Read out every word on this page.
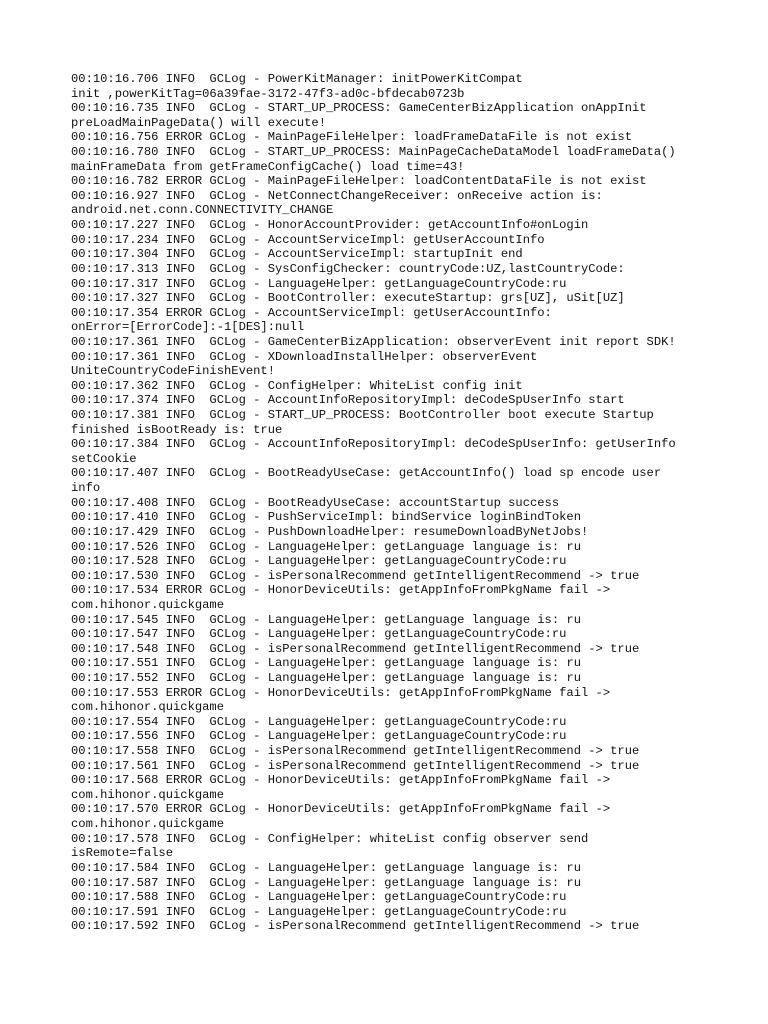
00:10:16.706 INFO  GCLog - PowerKitManager: initPowerKitCompat
init ,powerKitTag=06a39fae-3172-47f3-ad0c-bfdecab0723b
00:10:16.735 INFO  GCLog - START_UP_PROCESS: GameCenterBizApplication onAppInit
preLoadMainPageData() will execute!
00:10:16.756 ERROR GCLog - MainPageFileHelper: loadFrameDataFile is not exist
00:10:16.780 INFO  GCLog - START_UP_PROCESS: MainPageCacheDataModel loadFrameData()
mainFrameData from getFrameConfigCache() load time=43!
00:10:16.782 ERROR GCLog - MainPageFileHelper: loadContentDataFile is not exist
00:10:16.927 INFO  GCLog - NetConnectChangeReceiver: onReceive action is:
android.net.conn.CONNECTIVITY_CHANGE
00:10:17.227 INFO  GCLog - HonorAccountProvider: getAccountInfo#onLogin
00:10:17.234 INFO  GCLog - AccountServiceImpl: getUserAccountInfo
00:10:17.304 INFO  GCLog - AccountServiceImpl: startupInit end
00:10:17.313 INFO  GCLog - SysConfigChecker: countryCode:UZ,lastCountryCode:
00:10:17.317 INFO  GCLog - LanguageHelper: getLanguageCountryCode:ru
00:10:17.327 INFO  GCLog - BootController: executeStartup: grs[UZ], uSit[UZ]
00:10:17.354 ERROR GCLog - AccountServiceImpl: getUserAccountInfo:
onError=[ErrorCode]:-1[DES]:null
00:10:17.361 INFO  GCLog - GameCenterBizApplication: observerEvent init report SDK!
00:10:17.361 INFO  GCLog - XDownloadInstallHelper: observerEvent
UniteCountryCodeFinishEvent!
00:10:17.362 INFO  GCLog - ConfigHelper: WhiteList config init
00:10:17.374 INFO  GCLog - AccountInfoRepositoryImpl: deCodeSpUserInfo start
00:10:17.381 INFO  GCLog - START_UP_PROCESS: BootController boot execute Startup
finished isBootReady is: true
00:10:17.384 INFO  GCLog - AccountInfoRepositoryImpl: deCodeSpUserInfo: getUserInfo
setCookie
00:10:17.407 INFO  GCLog - BootReadyUseCase: getAccountInfo() load sp encode user
info
00:10:17.408 INFO  GCLog - BootReadyUseCase: accountStartup success
00:10:17.410 INFO  GCLog - PushServiceImpl: bindService loginBindToken
00:10:17.429 INFO  GCLog - PushDownloadHelper: resumeDownloadByNetJobs!
00:10:17.526 INFO  GCLog - LanguageHelper: getLanguage language is: ru
00:10:17.528 INFO  GCLog - LanguageHelper: getLanguageCountryCode:ru
00:10:17.530 INFO  GCLog - isPersonalRecommend getIntelligentRecommend -> true
00:10:17.534 ERROR GCLog - HonorDeviceUtils: getAppInfoFromPkgName fail ->
com.hihonor.quickgame
00:10:17.545 INFO  GCLog - LanguageHelper: getLanguage language is: ru
00:10:17.547 INFO  GCLog - LanguageHelper: getLanguageCountryCode:ru
00:10:17.548 INFO  GCLog - isPersonalRecommend getIntelligentRecommend -> true
00:10:17.551 INFO  GCLog - LanguageHelper: getLanguage language is: ru
00:10:17.552 INFO  GCLog - LanguageHelper: getLanguage language is: ru
00:10:17.553 ERROR GCLog - HonorDeviceUtils: getAppInfoFromPkgName fail ->
com.hihonor.quickgame
00:10:17.554 INFO  GCLog - LanguageHelper: getLanguageCountryCode:ru
00:10:17.556 INFO  GCLog - LanguageHelper: getLanguageCountryCode:ru
00:10:17.558 INFO  GCLog - isPersonalRecommend getIntelligentRecommend -> true
00:10:17.561 INFO  GCLog - isPersonalRecommend getIntelligentRecommend -> true
00:10:17.568 ERROR GCLog - HonorDeviceUtils: getAppInfoFromPkgName fail ->
com.hihonor.quickgame
00:10:17.570 ERROR GCLog - HonorDeviceUtils: getAppInfoFromPkgName fail ->
com.hihonor.quickgame
00:10:17.578 INFO  GCLog - ConfigHelper: whiteList config observer send
isRemote=false
00:10:17.584 INFO  GCLog - LanguageHelper: getLanguage language is: ru
00:10:17.587 INFO  GCLog - LanguageHelper: getLanguage language is: ru
00:10:17.588 INFO  GCLog - LanguageHelper: getLanguageCountryCode:ru
00:10:17.591 INFO  GCLog - LanguageHelper: getLanguageCountryCode:ru
00:10:17.592 INFO  GCLog - isPersonalRecommend getIntelligentRecommend -> true
